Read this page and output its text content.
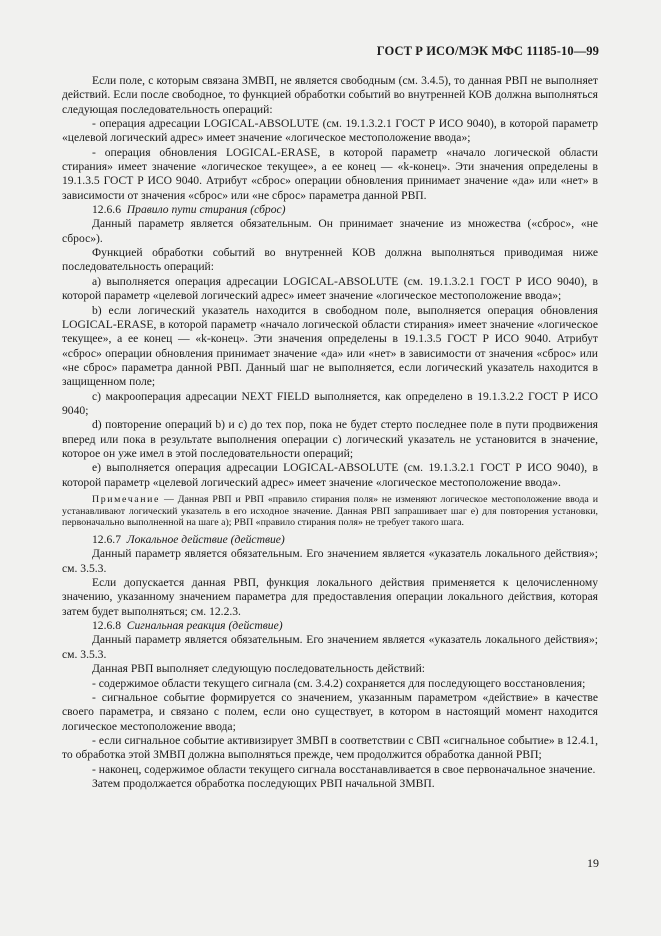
ГОСТ Р ИСО/МЭК МФС 11185-10—99

Если поле, с которым связана ЗМВП, не является свободным (см. 3.4.5), то данная РВП не выполняет действий. Если после свободное, то функцией обработки событий во внутренней КОВ должна выполняться следующая последовательность операций:

- операция адресации LOGICAL-ABSOLUTE (см. 19.1.3.2.1 ГОСТ Р ИСО 9040), в которой параметр «целевой логический адрес» имеет значение «логическое местоположение ввода»;

- операция обновления LOGICAL-ERASE, в которой параметр «начало логической области стирания» имеет значение «логическое текущее», а ее конец — «k-конец». Эти значения определены в 19.1.3.5 ГОСТ Р ИСО 9040. Атрибут «сброс» операции обновления принимает значение «да» или «нет» в зависимости от значения «сброс» или «не сброс» параметра данной РВП.

12.6.6 Правило пути стирания (сброс)

Данный параметр является обязательным. Он принимает значение из множества («сброс», «не сброс»).

Функцией обработки событий во внутренней КОВ должна выполняться приводимая ниже последовательность операций:

а) выполняется операция адресации LOGICAL-ABSOLUTE (см. 19.1.3.2.1 ГОСТ Р ИСО 9040), в которой параметр «целевой логический адрес» имеет значение «логическое местоположение ввода»;

b) если логический указатель находится в свободном поле, выполняется операция обновления LOGICAL-ERASE, в которой параметр «начало логической области стирания» имеет значение «логическое текущее», а ее конец — «k-конец». Эти значения определены в 19.1.3.5 ГОСТ Р ИСО 9040. Атрибут «сброс» операции обновления принимает значение «да» или «нет» в зависимости от значения «сброс» или «не сброс» параметра данной РВП. Данный шаг не выполняется, если логический указатель находится в защищенном поле;

с) макрооперация адресации NEXT FIELD выполняется, как определено в 19.1.3.2.2 ГОСТ Р ИСО 9040;

d) повторение операций b) и с) до тех пор, пока не будет стерто последнее поле в пути продвижения вперед или пока в результате выполнения операции с) логический указатель не установится в значение, которое он уже имел в этой последовательности операций;

е) выполняется операция адресации LOGICAL-ABSOLUTE (см. 19.1.3.2.1 ГОСТ Р ИСО 9040), в которой параметр «целевой логический адрес» имеет значение «логическое местоположение ввода».

Примечание — Данная РВП и РВП «правило стирания поля» не изменяют логическое местоположение ввода и устанавливают логический указатель в его исходное значение. Данная РВП запрашивает шаг е) для повторения установки, первоначально выполненной на шаге а); РВП «правило стирания поля» не требует такого шага.

12.6.7 Локальное действие (действие)

Данный параметр является обязательным. Его значением является «указатель локального действия»; см. 3.5.3.

Если допускается данная РВП, функция локального действия применяется к целочисленному значению, указанному значением параметра для предоставления операции локального действия, которая затем будет выполняться; см. 12.2.3.

12.6.8 Сигнальная реакция (действие)

Данный параметр является обязательным. Его значением является «указатель локального действия»; см. 3.5.3.

Данная РВП выполняет следующую последовательность действий:

- содержимое области текущего сигнала (см. 3.4.2) сохраняется для последующего восстановления;

- сигнальное событие формируется со значением, указанным параметром «действие» в качестве своего параметра, и связано с полем, если оно существует, в котором в настоящий момент находится логическое местоположение ввода;

- если сигнальное событие активизирует ЗМВП в соответствии с СВП «сигнальное событие» в 12.4.1, то обработка этой ЗМВП должна выполняться прежде, чем продолжится обработка данной РВП;

- наконец, содержимое области текущего сигнала восстанавливается в свое первоначальное значение.

Затем продолжается обработка последующих РВП начальной ЗМВП.

19
